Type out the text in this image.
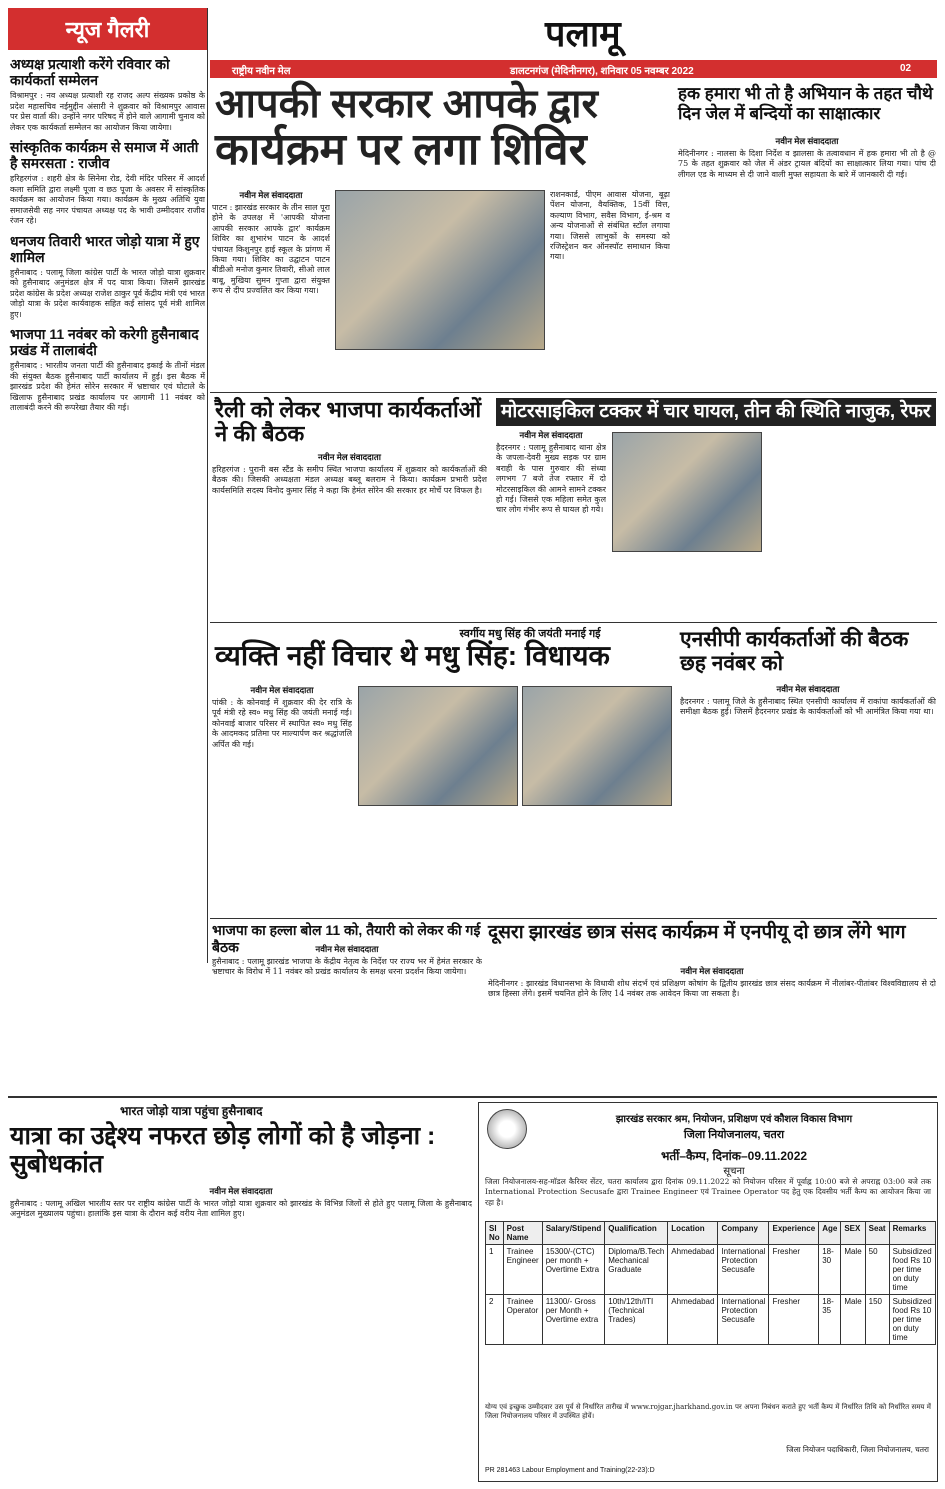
न्यूज गैलरी
अध्यक्ष प्रत्याशी करेंगे रविवार को कार्यकर्ता सम्मेलन
विश्रामपुर : नव अध्यक्ष प्रत्याशी रह राजद अल्प संख्यक प्रकोष्ठ के प्रदेश महासचिव नईमुद्दीन अंसारी ने शुक्रवार को विश्रामपुर आवास पर प्रेस वार्ता की। उन्होंने नगर परिषद में होने वाले आगामी चुनाव को लेकर एक कार्यकर्ता सम्मेलन का आयोजन किया जायेगा।
सांस्कृतिक कार्यक्रम से समाज में आती है समरसता : राजीव
हरिहरगंज : शहरी क्षेत्र के सिनेमा रोड, देवी मंदिर परिसर में आदर्श कला समिति द्वारा लक्ष्मी पूजा व छठ पूजा के अवसर में सांस्कृतिक कार्यक्रम का आयोजन किया गया। कार्यक्रम के मुख्य अतिथि युवा समाजसेवी सह नगर पंचायत अध्यक्ष पद के भावी उम्मीदवार राजीव रंजन रहे।
धनजय तिवारी भारत जोड़ो यात्रा में हुए शामिल
हुसैनाबाद : पलामू जिला कांग्रेस पार्टी के भारत जोड़ो यात्रा शुक्रवार को हुसैनाबाद अनुमंडल क्षेत्र में पद यात्रा किया। जिसमें झारखंड प्रदेश कांग्रेस के प्रदेश अध्यक्ष राजेश ठाकुर पूर्व केंद्रीय मंत्री एवं भारत जोड़ो यात्रा के प्रदेश कार्यवाहक सहित कई सांसद पूर्व मंत्री शामिल हुए।
भाजपा 11 नवंबर को करेगी हुसैनाबाद प्रखंड में तालाबंदी
हुसैनाबाद : भारतीय जनता पार्टी की हुसैनाबाद इकाई के तीनों मंडल की संयुक्त बैठक हुसैनाबाद पार्टी कार्यालय में हुई। इस बैठक में झारखंड प्रदेश की हेमंत सोरेन सरकार में भ्रष्टाचार एवं घोटाले के खिलाफ हुसैनाबाद प्रखंड कार्यालय पर आगामी 11 नवंबर को तालाबंदी करने की रूपरेखा तैयार की गई।
पलामू
राष्ट्रीय नवीन मेल	डालटनगंज (मेदिनीनगर), शनिवार 05 नवम्बर 2022	02
आपकी सरकार आपके द्वार
कार्यक्रम पर लगा शिविर
नवीन मेल संवाददाता
पाटन : झारखंड सरकार के तीन साल पूरा होने के उपलक्ष में 'आपकी योजना आपकी सरकार आपके द्वार' कार्यक्रम शिविर का शुभारंभ पाटन के आदर्श पंचायत किशुनपुर हाई स्कूल के प्रांगण में किया गया। शिविर का उद्घाटन पाटन बीडीओ मनोज कुमार तिवारी, सीओ लाल बाबू, मुखिया सुमन गुप्ता द्वारा संयुक्त रूप से दीप प्रज्वलित कर किया गया।
राशनकार्ड, पीएम आवास योजना, बूढ़ा पेंशन योजना, वैयक्तिक, 15वीं वित्त, कल्याण विभाग, सवैस विभाग, ई-श्रम व अन्य योजनाओं से संबंधित स्टॉल लगाया गया। जिससे लाभुकों के समस्या को रजिस्ट्रेशन कर ऑनस्पॉट समाधान किया गया।
हक हमारा भी तो है अभियान के तहत चौथे दिन जेल में बन्दियों का साक्षात्कार
नवीन मेल संवाददाता
मेदिनीनगर : नालसा के दिशा निर्देश व झालसा के तत्वावधान में हक हमारा भी तो है @ 75 के तहत शुक्रवार को जेल में अंडर ट्रायल बंदियों का साक्षात्कार लिया गया। पांच दी लीगल एड के माध्यम से दी जाने वाली मुफ्त सहायता के बारे में जानकारी दी गई।
रैली को लेकर भाजपा कार्यकर्ताओं ने की बैठक
नवीन मेल संवाददाता
हरिहरगंज : पुरानी बस स्टैंड के समीप स्थित भाजपा कार्यालय में शुक्रवार को कार्यकर्ताओं की बैठक की। जिसकी अध्यक्षता मंडल अध्यक्ष बब्लू बलराम ने किया। कार्यक्रम प्रभारी प्रदेश कार्यसमिति सदस्य विनोद कुमार सिंह ने कहा कि हेमंत सोरेन की सरकार हर मोर्चे पर विफल है।
मोटरसाइकिल टक्कर में चार घायल, तीन की स्थिति नाजुक, रेफर
नवीन मेल संवाददाता
हैदरनगर : पलामू हुसैनाबाद थाना क्षेत्र के जपला-देवरी मुख्य सड़क पर ग्राम बराही के पास गुरुवार की संध्या लगभग 7 बजे तेज रफ्तार में दो मोटरसाइकिल की आमने सामने टक्कर हो गई। जिससे एक महिला समेत कुल चार लोग गंभीर रूप से घायल हो गये।
स्वर्गीय मधु सिंह की जयंती मनाई गई
व्यक्ति नहीं विचार थे मधु सिंह: विधायक
नवीन मेल संवाददाता
पांकी : के कोनवाई में शुक्रवार की देर रात्रि के पूर्व मंत्री रहे स्व० मधु सिंह की जयंती मनाई गई। कोनवाई बाजार परिसर में स्थापित स्व० मधु सिंह के आदमकद प्रतिमा पर माल्यार्पण कर श्रद्धांजलि अर्पित की गई।
एनसीपी कार्यकर्ताओं की बैठक छह नवंबर को
नवीन मेल संवाददाता
हैदरनगर : पलामू जिले के हुसैनाबाद स्थित एनसीपी कार्यालय में राकांपा कार्यकर्ताओं की समीक्षा बैठक हुई। जिसमें हैदरनगर प्रखंड के कार्यकर्ताओं को भी आमंत्रित किया गया था।
भाजपा का हल्ला बोल 11 को, तैयारी को लेकर की गई बैठक	नवीन मेल संवाददाता
हुसैनाबाद : पलामू झारखंड भाजपा के केंद्रीय नेतृत्व के निर्देश पर राज्य भर में हेमंत सरकार के भ्रष्टाचार के विरोध में 11 नवंबर को प्रखंड कार्यालय के समक्ष धरना प्रदर्शन किया जायेगा।
दूसरा झारखंड छात्र संसद कार्यक्रम में एनपीयू दो छात्र लेंगे भाग
नवीन मेल संवाददाता
मेदिनीनगर : झारखंड विधानसभा के विधायी शोध संदर्भ एवं प्रशिक्षण कोषांग के द्वितीय झारखंड छात्र संसद कार्यक्रम में नीलांबर-पीतांबर विश्वविद्यालय से दो छात्र हिस्सा लेंगे। इसमें चयनित होने के लिए 14 नवंबर तक आवेदन किया जा सकता है।
भारत जोड़ो यात्रा पहुंचा हुसैनाबाद
यात्रा का उद्देश्य नफरत छोड़ लोगों को है जोड़ना : सुबोधकांत
नवीन मेल संवाददाता
हुसैनाबाद : पलामू अखिल भारतीय स्तर पर राष्ट्रीय कांग्रेस पार्टी के भारत जोड़ो यात्रा शुक्रवार को झारखंड के विभिन्न जिलों से होते हुए पलामू जिला के हुसैनाबाद अनुमंडल मुख्यालय पहुंचा। हालांकि इस यात्रा के दौरान कई वरीय नेता शामिल हुए।
झारखंड सरकार श्रम, नियोजन, प्रशिक्षण एवं कौशल विकास विभाग
जिला नियोजनालय, चतरा
भर्ती–कैम्प, दिनांक–09.11.2022
सूचना
जिला नियोजनालय-सह-मॉडल कैरियर सेंटर, चतरा कार्यालय द्वारा दिनांक 09.11.2022 को नियोजन परिसर में पूर्वाह्न 10:00 बजे से अपराह्न 03:00 बजे तक International Protection Secusafe द्वारा Trainee Engineer एवं Trainee Operator पद हेतु एक दिवसीय भर्ती कैम्प का आयोजन किया जा रहा है।
Sl No	Post Name	Salary/Stipend	Qualification	Location	Company	Experience	Age	SEX	Seat	Remarks
1	Trainee Engineer	15300/-(CTC) per month + Overtime Extra	Diploma/B.Tech Mechanical Graduate	Ahmedabad	International Protection Secusafe	Fresher	18-30	Male	50	Subsidized food Rs 10 per time on duty time
2	Trainee Operator	11300/- Gross per Month + Overtime extra	10th/12th/ITI (Technical Trades)	Ahmedabad	International Protection Secusafe	Fresher	18-35	Male	150	Subsidized food Rs 10 per time on duty time
योग्य एवं इच्छुक उम्मीदवार उस पूर्व से निर्धारित तारीख में www.rojgar.jharkhand.gov.in पर अपना निबंधन कराते हुए भर्ती कैम्प में निर्धारित तिथि को निर्धारित समय में जिला नियोजनालय परिसर में उपस्थित होवें।
जिला नियोजन पदाधिकारी, जिला नियोजनालय, चतरा
PR 281463 Labour Employment and Training(22-23):D
